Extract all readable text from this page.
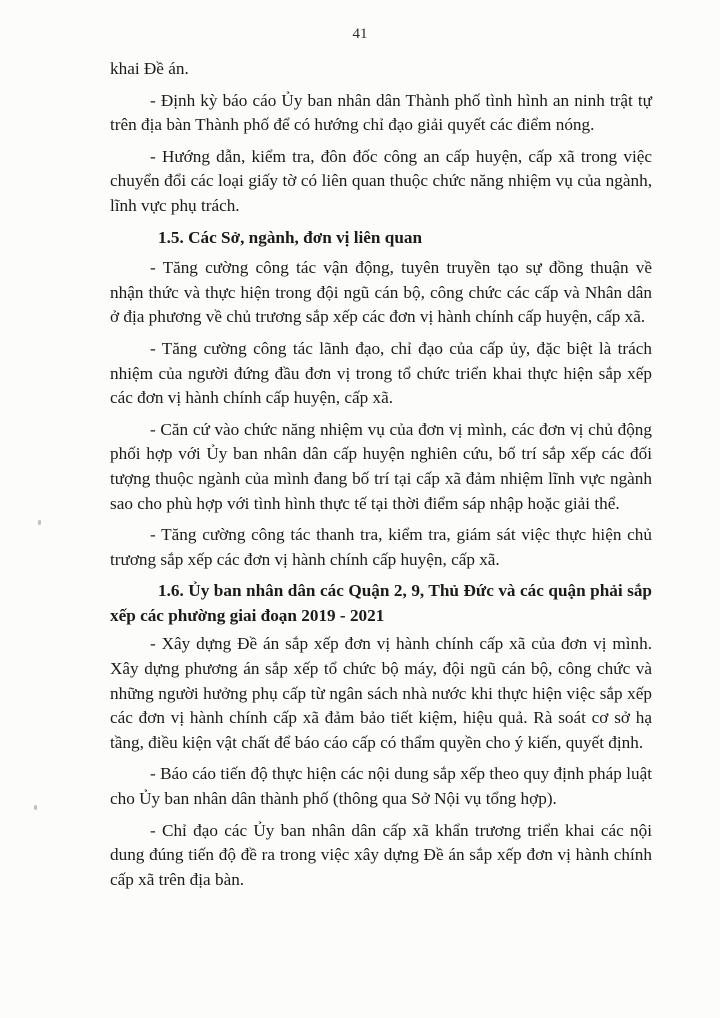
41

khai Đề án.

- Định kỳ báo cáo Ủy ban nhân dân Thành phố tình hình an ninh trật tự trên địa bàn Thành phố để có hướng chỉ đạo giải quyết các điểm nóng.

- Hướng dẫn, kiểm tra, đôn đốc công an cấp huyện, cấp xã trong việc chuyển đổi các loại giấy tờ có liên quan thuộc chức năng nhiệm vụ của ngành, lĩnh vực phụ trách.

1.5. Các Sở, ngành, đơn vị liên quan

- Tăng cường công tác vận động, tuyên truyền tạo sự đồng thuận về nhận thức và thực hiện trong đội ngũ cán bộ, công chức các cấp và Nhân dân ở địa phương về chủ trương sắp xếp các đơn vị hành chính cấp huyện, cấp xã.

- Tăng cường công tác lãnh đạo, chỉ đạo của cấp ủy, đặc biệt là trách nhiệm của người đứng đầu đơn vị trong tổ chức triển khai thực hiện sắp xếp các đơn vị hành chính cấp huyện, cấp xã.

- Căn cứ vào chức năng nhiệm vụ của đơn vị mình, các đơn vị chủ động phối hợp với Ủy ban nhân dân cấp huyện nghiên cứu, bố trí sắp xếp các đối tượng thuộc ngành của mình đang bố trí tại cấp xã đảm nhiệm lĩnh vực ngành sao cho phù hợp với tình hình thực tế tại thời điểm sáp nhập hoặc giải thể.

- Tăng cường công tác thanh tra, kiểm tra, giám sát việc thực hiện chủ trương sắp xếp các đơn vị hành chính cấp huyện, cấp xã.

1.6. Ủy ban nhân dân các Quận 2, 9, Thủ Đức và các quận phải sắp xếp các phường giai đoạn 2019 - 2021

- Xây dựng Đề án sắp xếp đơn vị hành chính cấp xã của đơn vị mình. Xây dựng phương án sắp xếp tổ chức bộ máy, đội ngũ cán bộ, công chức và những người hưởng phụ cấp từ ngân sách nhà nước khi thực hiện việc sắp xếp các đơn vị hành chính cấp xã đảm bảo tiết kiệm, hiệu quả. Rà soát cơ sở hạ tầng, điều kiện vật chất để báo cáo cấp có thẩm quyền cho ý kiến, quyết định.

- Báo cáo tiến độ thực hiện các nội dung sắp xếp theo quy định pháp luật cho Ủy ban nhân dân thành phố (thông qua Sở Nội vụ tổng hợp).

- Chỉ đạo các Ủy ban nhân dân cấp xã khẩn trương triển khai các nội dung đúng tiến độ đề ra trong việc xây dựng Đề án sắp xếp đơn vị hành chính cấp xã trên địa bàn.
